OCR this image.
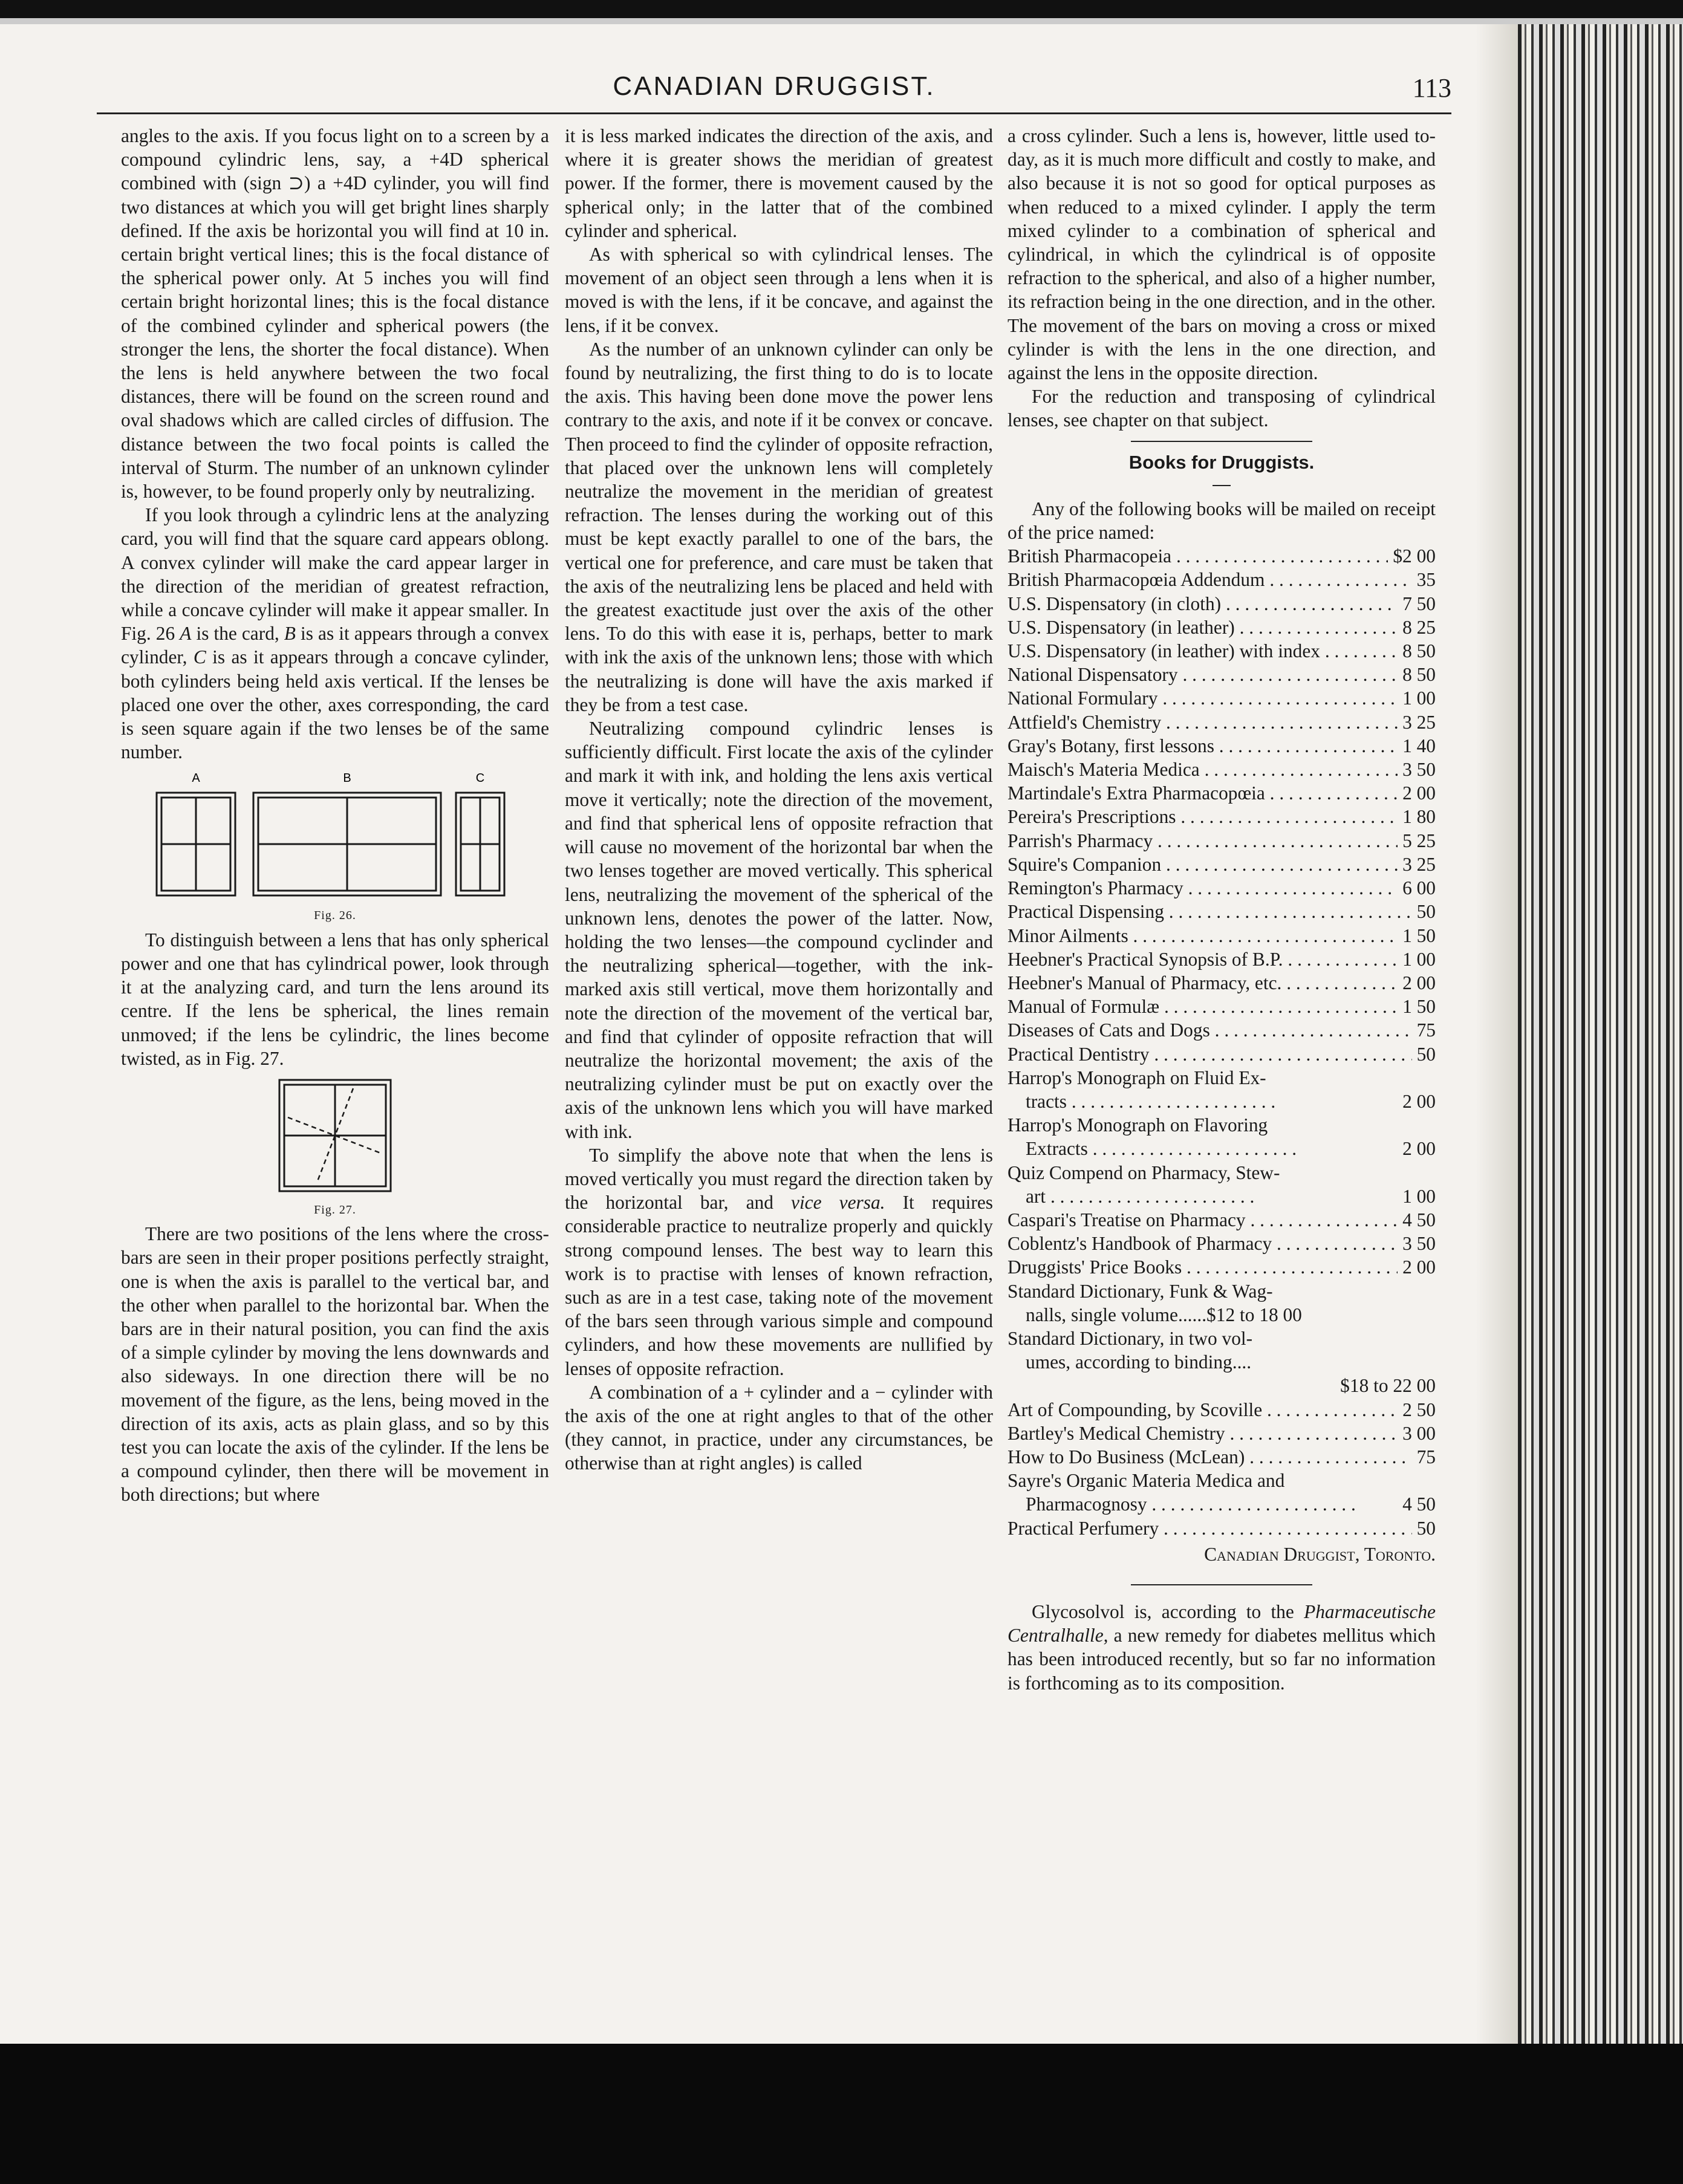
CANADIAN DRUGGIST.	113

angles to the axis. If you focus light on to a screen by a compound cylindric lens, say, a +4D spherical combined with (sign ⊃) a +4D cylinder, you will find two distances at which you will get bright lines sharply defined. If the axis be horizontal you will find at 10 in. certain bright vertical lines; this is the focal distance of the spherical power only. At 5 inches you will find certain bright horizontal lines; this is the focal distance of the combined cylinder and spherical powers (the stronger the lens, the shorter the focal distance). When the lens is held anywhere between the two focal distances, there will be found on the screen round and oval shadows which are called circles of diffusion. The distance between the two focal points is called the interval of Sturm. The number of an unknown cylinder is, however, to be found properly only by neutralizing.

If you look through a cylindric lens at the analyzing card, you will find that the square card appears oblong. A convex cylinder will make the card appear larger in the direction of the meridian of greatest refraction, while a concave cylinder will make it appear smaller. In Fig. 26 A is the card, B is as it appears through a convex cylinder, C is as it appears through a concave cylinder, both cylinders being held axis vertical. If the lenses be placed one over the other, axes corresponding, the card is seen square again if the two lenses be of the same number.

A	B	C

Fig. 26.

To distinguish between a lens that has only spherical power and one that has cylindrical power, look through it at the analyzing card, and turn the lens around its centre. If the lens be spherical, the lines remain unmoved; if the lens be cylindric, the lines become twisted, as in Fig. 27.

Fig. 27.

There are two positions of the lens where the cross-bars are seen in their proper positions perfectly straight, one is when the axis is parallel to the vertical bar, and the other when parallel to the horizontal bar. When the bars are in their natural position, you can find the axis of a simple cylinder by moving the lens downwards and also sideways. In one direction there will be no movement of the figure, as the lens, being moved in the direction of its axis, acts as plain glass, and so by this test you can locate the axis of the cylinder. If the lens be a compound cylinder, then there will be movement in both directions; but where

it is less marked indicates the direction of the axis, and where it is greater shows the meridian of greatest power. If the former, there is movement caused by the spherical only; in the latter that of the combined cylinder and spherical.

As with spherical so with cylindrical lenses. The movement of an object seen through a lens when it is moved is with the lens, if it be concave, and against the lens, if it be convex.

As the number of an unknown cylinder can only be found by neutralizing, the first thing to do is to locate the axis. This having been done move the power lens contrary to the axis, and note if it be convex or concave. Then proceed to find the cylinder of opposite refraction, that placed over the unknown lens will completely neutralize the movement in the meridian of greatest refraction. The lenses during the working out of this must be kept exactly parallel to one of the bars, the vertical one for preference, and care must be taken that the axis of the neutralizing lens be placed and held with the greatest exactitude just over the axis of the other lens. To do this with ease it is, perhaps, better to mark with ink the axis of the unknown lens; those with which the neutralizing is done will have the axis marked if they be from a test case.

Neutralizing compound cylindric lenses is sufficiently difficult. First locate the axis of the cylinder and mark it with ink, and holding the lens axis vertical move it vertically; note the direction of the movement, and find that spherical lens of opposite refraction that will cause no movement of the horizontal bar when the two lenses together are moved vertically. This spherical lens, neutralizing the movement of the spherical of the unknown lens, denotes the power of the latter. Now, holding the two lenses—the compound cyclinder and the neutralizing spherical—together, with the ink-marked axis still vertical, move them horizontally and note the direction of the movement of the vertical bar, and find that cylinder of opposite refraction that will neutralize the horizontal movement; the axis of the neutralizing cylinder must be put on exactly over the axis of the unknown lens which you will have marked with ink.

To simplify the above note that when the lens is moved vertically you must regard the direction taken by the horizontal bar, and vice versa. It requires considerable practice to neutralize properly and quickly strong compound lenses. The best way to learn this work is to practise with lenses of known refraction, such as are in a test case, taking note of the movement of the bars seen through various simple and compound cylinders, and how these movements are nullified by lenses of opposite refraction.

A combination of a + cylinder and a − cylinder with the axis of the one at right angles to that of the other (they cannot, in practice, under any circumstances, be otherwise than at right angles) is called

a cross cylinder. Such a lens is, however, little used to-day, as it is much more difficult and costly to make, and also because it is not so good for optical purposes as when reduced to a mixed cylinder. I apply the term mixed cylinder to a combination of spherical and cylindrical, in which the cylindrical is of opposite refraction to the spherical, and also of a higher number, its refraction being in the one direction, and in the other. The movement of the bars on moving a cross or mixed cylinder is with the lens in the one direction, and against the lens in the opposite direction.

For the reduction and transposing of cylindrical lenses, see chapter on that subject.

Books for Druggists.

Any of the following books will be mailed on receipt of the price named:

British Pharmacopeia . . .	$2 00
British Pharmacopœia Addendum . . .	35
U.S. Dispensatory (in cloth) . . .	7 50
U.S. Dispensatory (in leather) . . .	8 25
U.S. Dispensatory (in leather) with index . . .	8 50
National Dispensatory . . .	8 50
National Formulary . . .	1 00
Attfield's Chemistry . . .	3 25
Gray's Botany, first lessons . . .	1 40
Maisch's Materia Medica . . .	3 50
Martindale's Extra Pharmacopœia . . .	2 00
Pereira's Prescriptions . . .	1 80
Parrish's Pharmacy . . .	5 25
Squire's Companion . . .	3 25
Remington's Pharmacy . . .	6 00
Practical Dispensing . . .	50
Minor Ailments . . .	1 50
Heebner's Practical Synopsis of B.P. . . .	1 00
Heebner's Manual of Pharmacy, etc. . . .	2 00
Manual of Formulæ . . .	1 50
Diseases of Cats and Dogs . . .	75
Practical Dentistry . . .	50
Harrop's Monograph on Fluid Ex-
tracts . . .	2 00
Harrop's Monograph on Flavoring
Extracts . . .	2 00
Quiz Compend on Pharmacy, Stew-
art . . .	1 00
Caspari's Treatise on Pharmacy . . .	4 50
Coblentz's Handbook of Pharmacy . . .	3 50
Druggists' Price Books . . .	2 00
Standard Dictionary, Funk & Wag-
nalls, single volume......$12 to 18 00
Standard Dictionary, in two vol-
umes, according to binding....
$18 to 22 00
Art of Compounding, by Scoville . . .	2 50
Bartley's Medical Chemistry . . .	3 00
How to Do Business (McLean) . . .	75
Sayre's Organic Materia Medica and
Pharmacognosy . . .	4 50
Practical Perfumery . . .	50
Canadian Druggist, Toronto.

Glycosolvol is, according to the Pharmaceutische Centralhalle, a new remedy for diabetes mellitus which has been introduced recently, but so far no information is forthcoming as to its composition.
